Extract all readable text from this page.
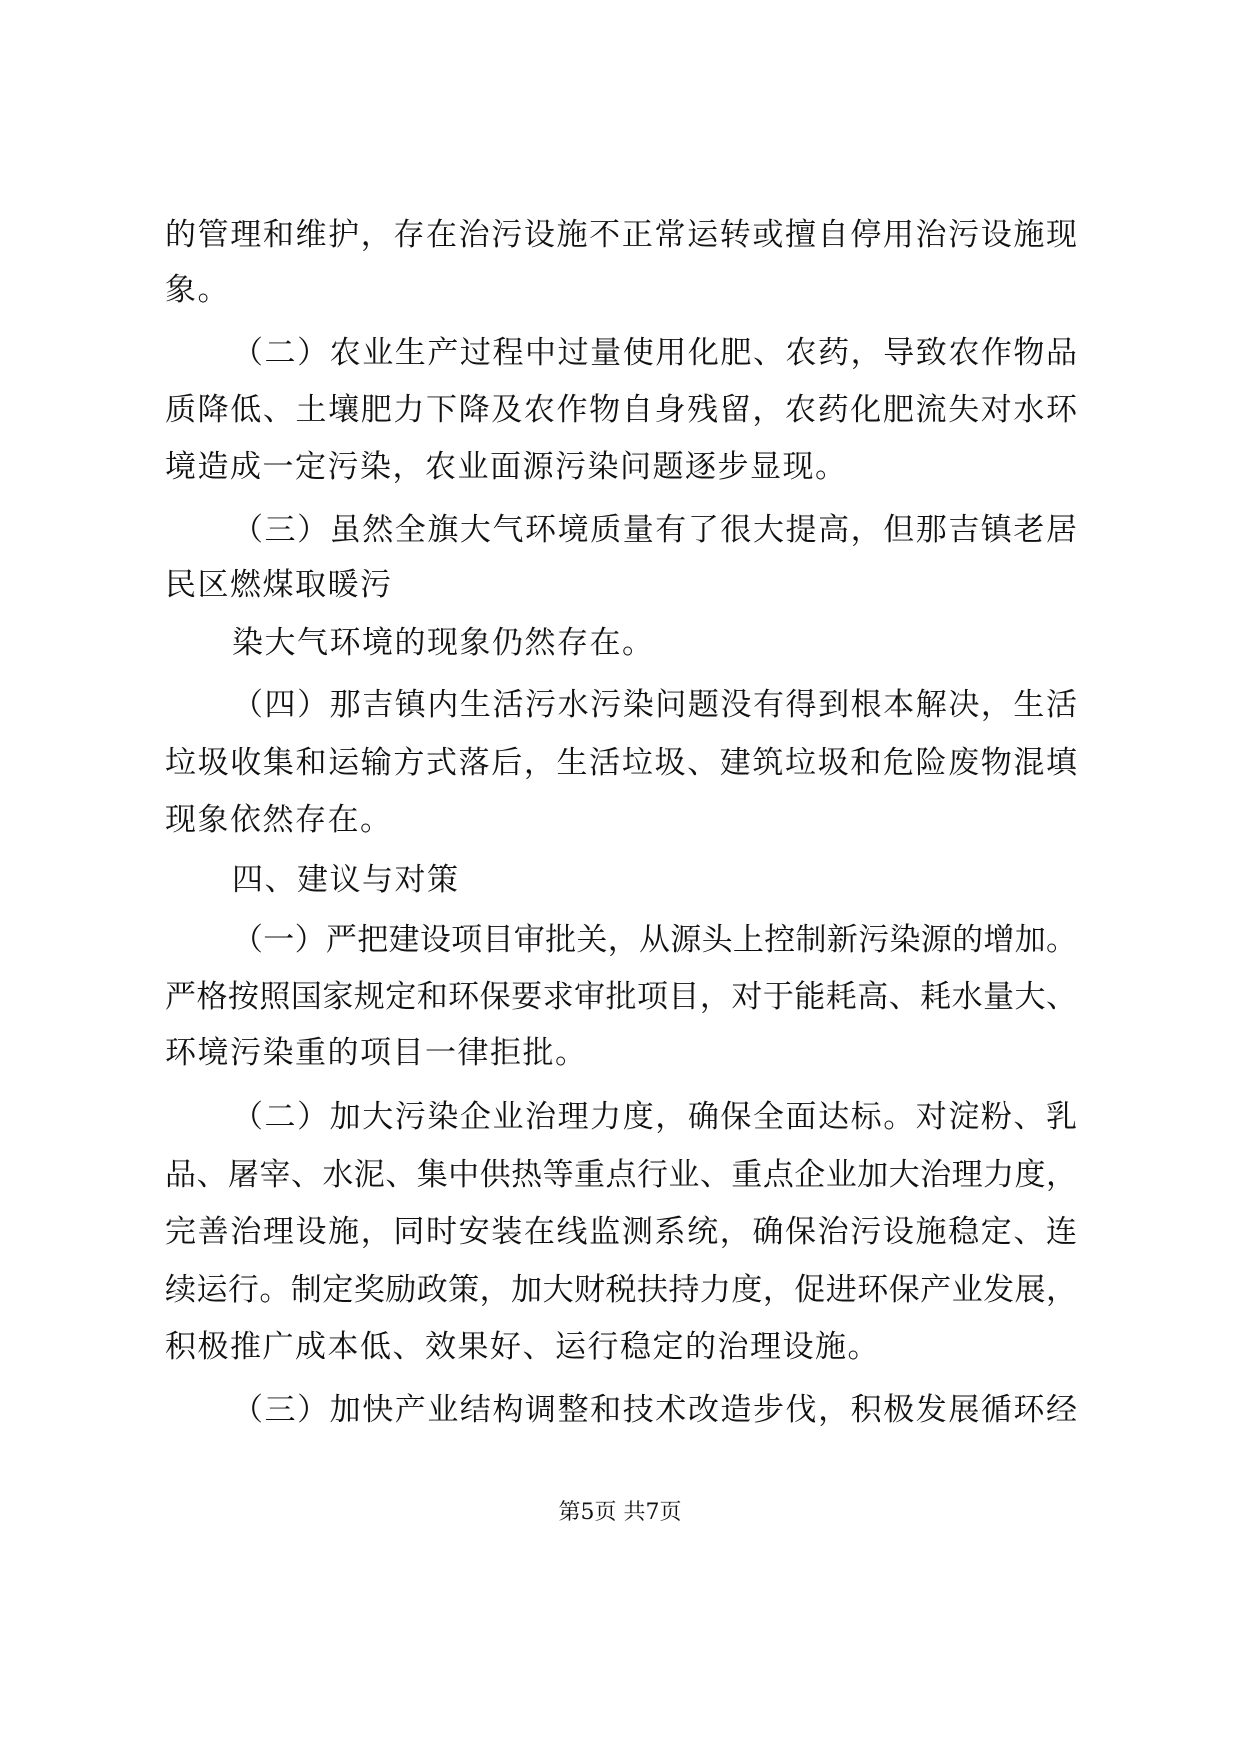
的管理和维护，存在治污设施不正常运转或擅自停用治污设施现
象。
（二）农业生产过程中过量使用化肥、农药，导致农作物品
质降低、土壤肥力下降及农作物自身残留，农药化肥流失对水环
境造成一定污染，农业面源污染问题逐步显现。
（三）虽然全旗大气环境质量有了很大提高，但那吉镇老居
民区燃煤取暖污
染大气环境的现象仍然存在。
（四）那吉镇内生活污水污染问题没有得到根本解决，生活
垃圾收集和运输方式落后，生活垃圾、建筑垃圾和危险废物混填
现象依然存在。
四、建议与对策
（一）严把建设项目审批关，从源头上控制新污染源的增加。
严格按照国家规定和环保要求审批项目，对于能耗高、耗水量大、
环境污染重的项目一律拒批。
（二）加大污染企业治理力度，确保全面达标。对淀粉、乳
品、屠宰、水泥、集中供热等重点行业、重点企业加大治理力度，
完善治理设施，同时安装在线监测系统，确保治污设施稳定、连
续运行。制定奖励政策，加大财税扶持力度，促进环保产业发展，
积极推广成本低、效果好、运行稳定的治理设施。
（三）加快产业结构调整和技术改造步伐，积极发展循环经
第5页 共7页
